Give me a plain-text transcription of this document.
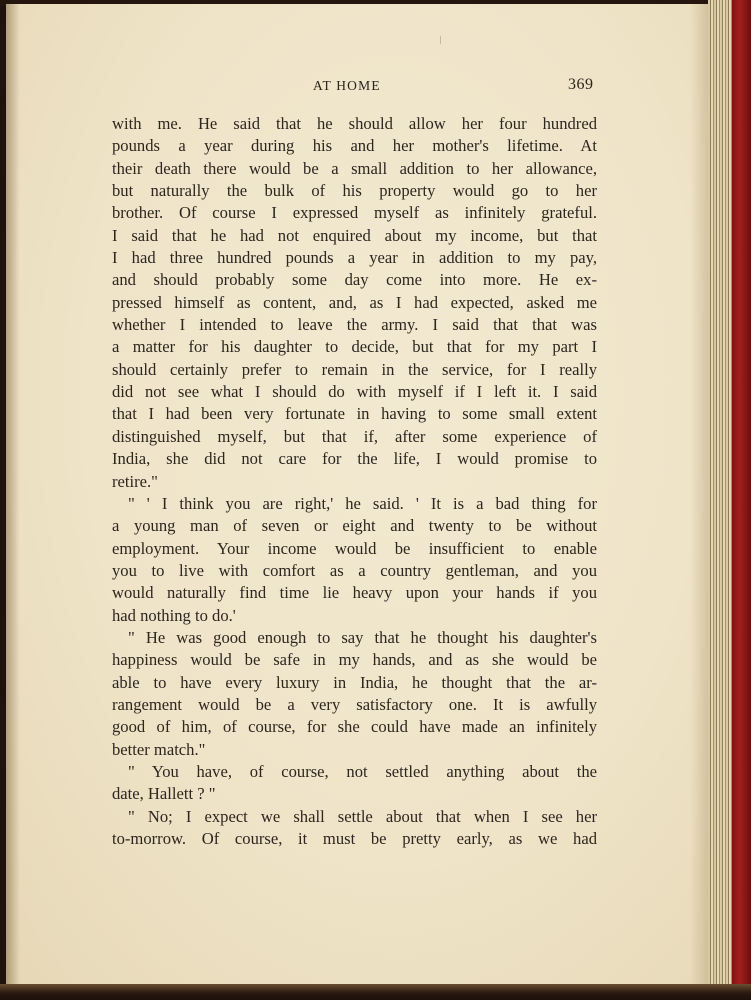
AT HOME	369
with me. He said that he should allow her four hundred
pounds a year during his and her mother's lifetime. At
their death there would be a small addition to her allowance,
but naturally the bulk of his property would go to her
brother. Of course I expressed myself as infinitely grateful.
I said that he had not enquired about my income, but that
I had three hundred pounds a year in addition to my pay,
and should probably some day come into more. He ex-
pressed himself as content, and, as I had expected, asked me
whether I intended to leave the army. I said that that was
a matter for his daughter to decide, but that for my part I
should certainly prefer to remain in the service, for I really
did not see what I should do with myself if I left it. I said
that I had been very fortunate in having to some small extent
distinguished myself, but that if, after some experience of
India, she did not care for the life, I would promise to
retire."
" ' I think you are right,' he said. ' It is a bad thing for
a young man of seven or eight and twenty to be without
employment. Your income would be insufficient to enable
you to live with comfort as a country gentleman, and you
would naturally find time lie heavy upon your hands if you
had nothing to do.'
" He was good enough to say that he thought his daughter's
happiness would be safe in my hands, and as she would be
able to have every luxury in India, he thought that the ar-
rangement would be a very satisfactory one. It is awfully
good of him, of course, for she could have made an infinitely
better match."
" You have, of course, not settled anything about the
date, Hallett ? "
" No; I expect we shall settle about that when I see her
to-morrow. Of course, it must be pretty early, as we had
